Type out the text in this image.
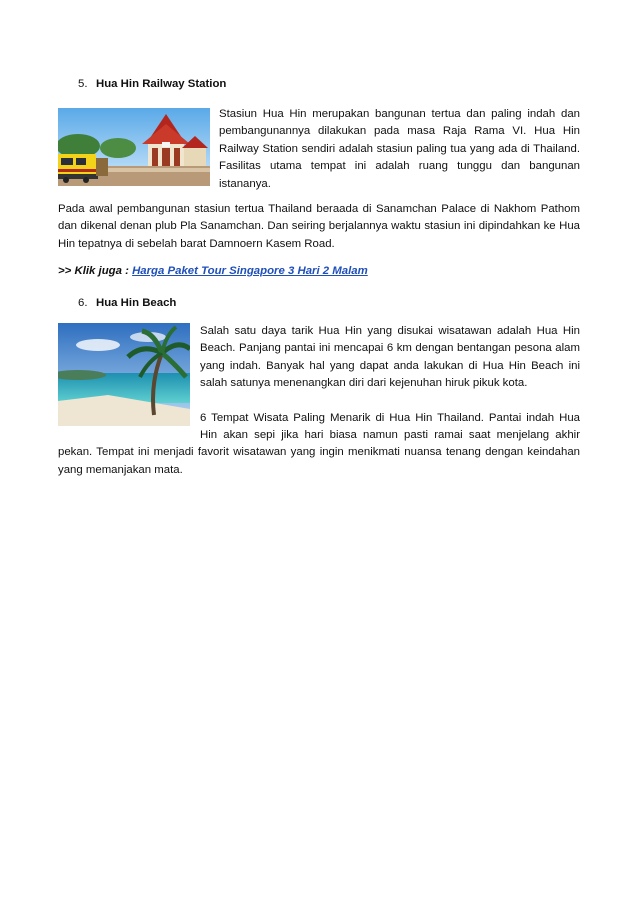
5. Hua Hin Railway Station

Stasiun Hua Hin merupakan bangunan tertua dan paling indah dan pembangunannya dilakukan pada masa Raja Rama VI. Hua Hin Railway Station sendiri adalah stasiun paling tua yang ada di Thailand. Fasilitas utama tempat ini adalah ruang tunggu dan bangunan istananya.

Pada awal pembangunan stasiun tertua Thailand beraada di Sanamchan Palace di Nakhom Pathom dan dikenal denan plub Pla Sanamchan. Dan seiring berjalannya waktu stasiun ini dipindahkan ke Hua Hin tepatnya di sebelah barat Damnoern Kasem Road.

>> Klik juga : Harga Paket Tour Singapore 3 Hari 2 Malam
6. Hua Hin Beach

Salah satu daya tarik Hua Hin yang disukai wisatawan adalah Hua Hin Beach. Panjang pantai ini mencapai 6 km dengan bentangan pesona alam yang indah. Banyak hal yang dapat anda lakukan di Hua Hin Beach ini salah satunya menenangkan diri dari kejenuhan hiruk pikuk kota.

6 Tempat Wisata Paling Menarik di Hua Hin Thailand. Pantai indah Hua Hin akan sepi jika hari biasa namun pasti ramai saat menjelang akhir pekan. Tempat ini menjadi favorit wisatawan yang ingin menikmati nuansa tenang dengan keindahan yang memanjakan mata.
